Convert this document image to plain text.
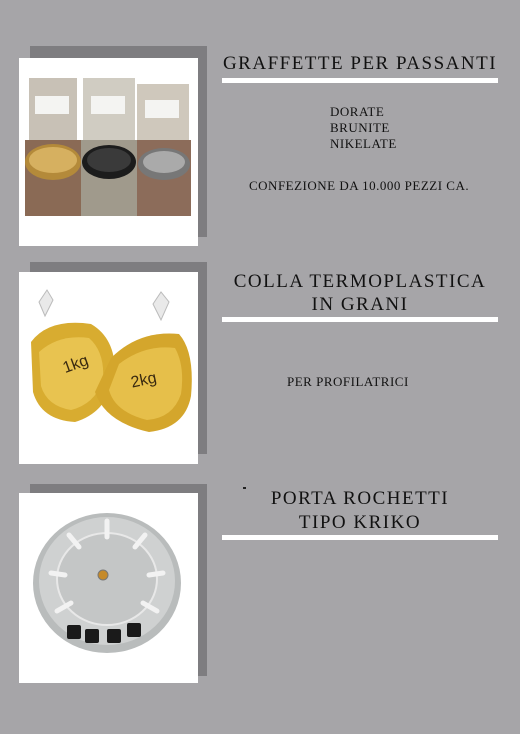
GRAFFETTE PER PASSANTI
DORATE
BRUNITE
NIKELATE
CONFEZIONE DA 10.000 PEZZI CA.
1kg
2kg
COLLA TERMOPLASTICA
IN GRANI
PER PROFILATRICI
PORTA ROCHETTI
TIPO KRIKO
